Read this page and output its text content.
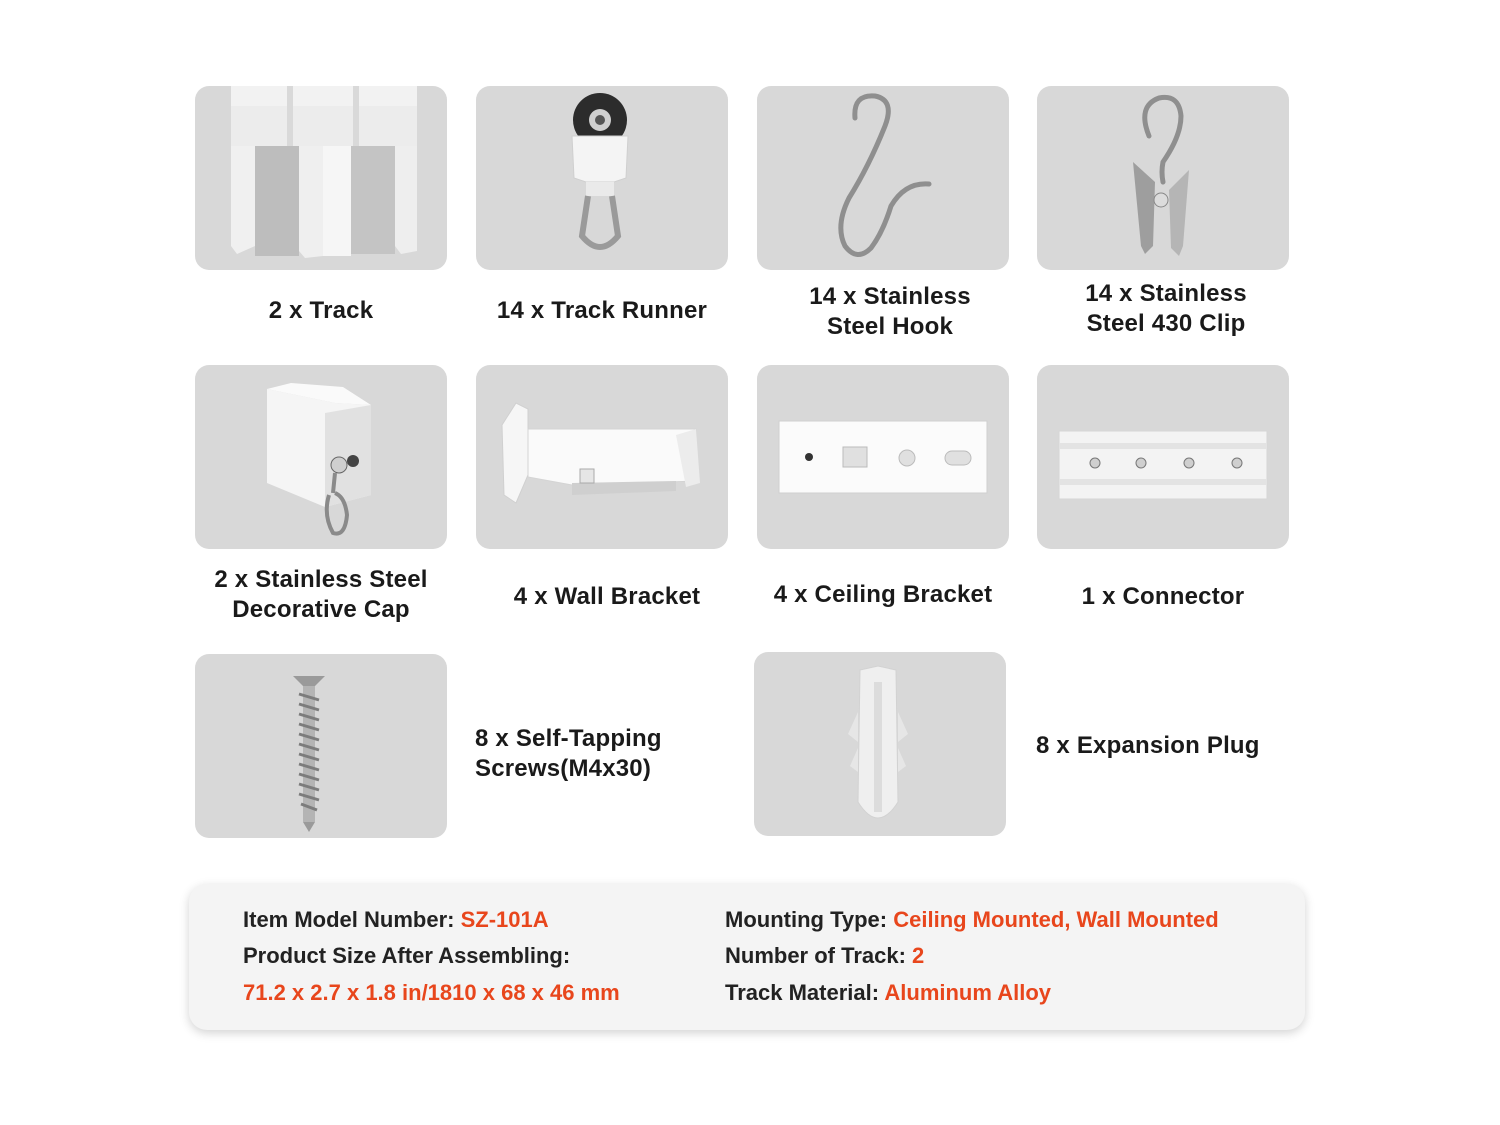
2 x Track	14 x Track Runner
14 x Stainless
Steel Hook
14 x Stainless
Steel 430 Clip
2 x Stainless Steel
Decorative Cap	4 x Wall Bracket	4 x Ceiling Bracket	1 x Connector
8 x Self-Tapping
Screws(M4x30)
8 x Expansion Plug
Item Model Number: SZ-101A
Product Size After Assembling:
71.2 x 2.7 x 1.8 in/1810 x 68 x 46 mm
Mounting Type: Ceiling Mounted, Wall Mounted
Number of Track: 2
Track Material: Aluminum Alloy
